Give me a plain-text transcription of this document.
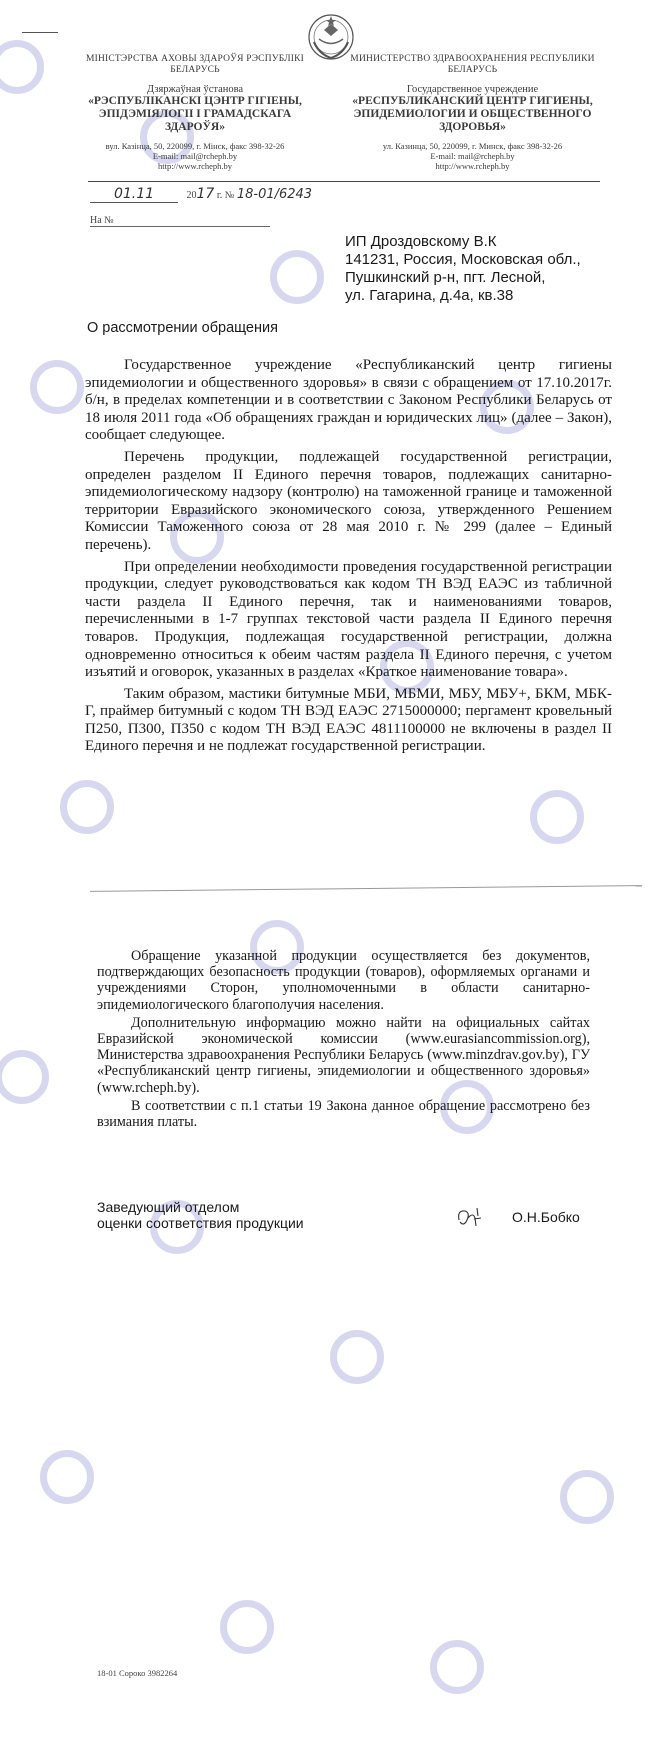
МІНІСТЭРСТВА АХОВЫ ЗДАРОЎЯ РЭСПУБЛІКІ БЕЛАРУСЬ
Дзяржаўная ўстанова
«РЭСПУБЛІКАНСКІ ЦЭНТР ГІГІЕНЫ, ЭПІДЭМІЯЛОГІІ І ГРАМАДСКАГА ЗДАРОЎЯ»
вул. Казінца, 50, 220099, г. Мінск, факс 398-32-26
E-mail: mail@rcheph.by
http://www.rcheph.by
МИНИСТЕРСТВО ЗДРАВООХРАНЕНИЯ РЕСПУБЛИКИ БЕЛАРУСЬ
Государственное учреждение
«РЕСПУБЛИКАНСКИЙ ЦЕНТР ГИГИЕНЫ, ЭПИДЕМИОЛОГИИ И ОБЩЕСТВЕННОГО ЗДОРОВЬЯ»
ул. Казинца, 50, 220099, г. Минск, факс 398-32-26
E-mail: mail@rcheph.by
http://www.rcheph.by
01.11	2017 г. № 18-01/6243
На №
ИП Дроздовскому В.К
141231, Россия, Московская обл.,
Пушкинский р-н, пгт. Лесной,
ул. Гагарина, д.4а, кв.38
О рассмотрении обращения

Государственное учреждение «Республиканский центр гигиены эпидемиологии и общественного здоровья» в связи с обращением от 17.10.2017г. б/н, в пределах компетенции и в соответствии с Законом Республики Беларусь от 18 июля 2011 года «Об обращениях граждан и юридических лиц» (далее – Закон), сообщает следующее.

Перечень продукции, подлежащей государственной регистрации, определен разделом II Единого перечня товаров, подлежащих санитарно-эпидемиологическому надзору (контролю) на таможенной границе и таможенной территории Евразийского экономического союза, утвержденного Решением Комиссии Таможенного союза от 28 мая 2010 г. № 299 (далее – Единый перечень).

При определении необходимости проведения государственной регистрации продукции, следует руководствоваться как кодом ТН ВЭД ЕАЭС из табличной части раздела II Единого перечня, так и наименованиями товаров, перечисленными в 1-7 группах текстовой части раздела II Единого перечня товаров. Продукция, подлежащая государственной регистрации, должна одновременно относиться к обеим частям раздела II Единого перечня, с учетом изъятий и оговорок, указанных в разделах «Краткое наименование товара».

Таким образом, мастики битумные МБИ, МБМИ, МБУ, МБУ+, БКМ, МБК-Г, праймер битумный с кодом ТН ВЭД ЕАЭС 2715000000; пергамент кровельный П250, П300, П350 с кодом ТН ВЭД ЕАЭС 4811100000 не включены в раздел II Единого перечня и не подлежат государственной регистрации.

Обращение указанной продукции осуществляется без документов, подтверждающих безопасность продукции (товаров), оформляемых органами и учреждениями Сторон, уполномоченными в области санитарно-эпидемиологического благополучия населения.

Дополнительную информацию можно найти на официальных сайтах Евразийской экономической комиссии (www.eurasiancommission.org), Министерства здравоохранения Республики Беларусь (www.minzdrav.gov.by), ГУ «Республиканский центр гигиены, эпидемиологии и общественного здоровья» (www.rcheph.by).

В соответствии с п.1 статьи 19 Закона данное обращение рассмотрено без взимания платы.

Заведующий отделом
оценки соответствия продукции	О.Н.Бобко
18-01 Сороко 3982264
